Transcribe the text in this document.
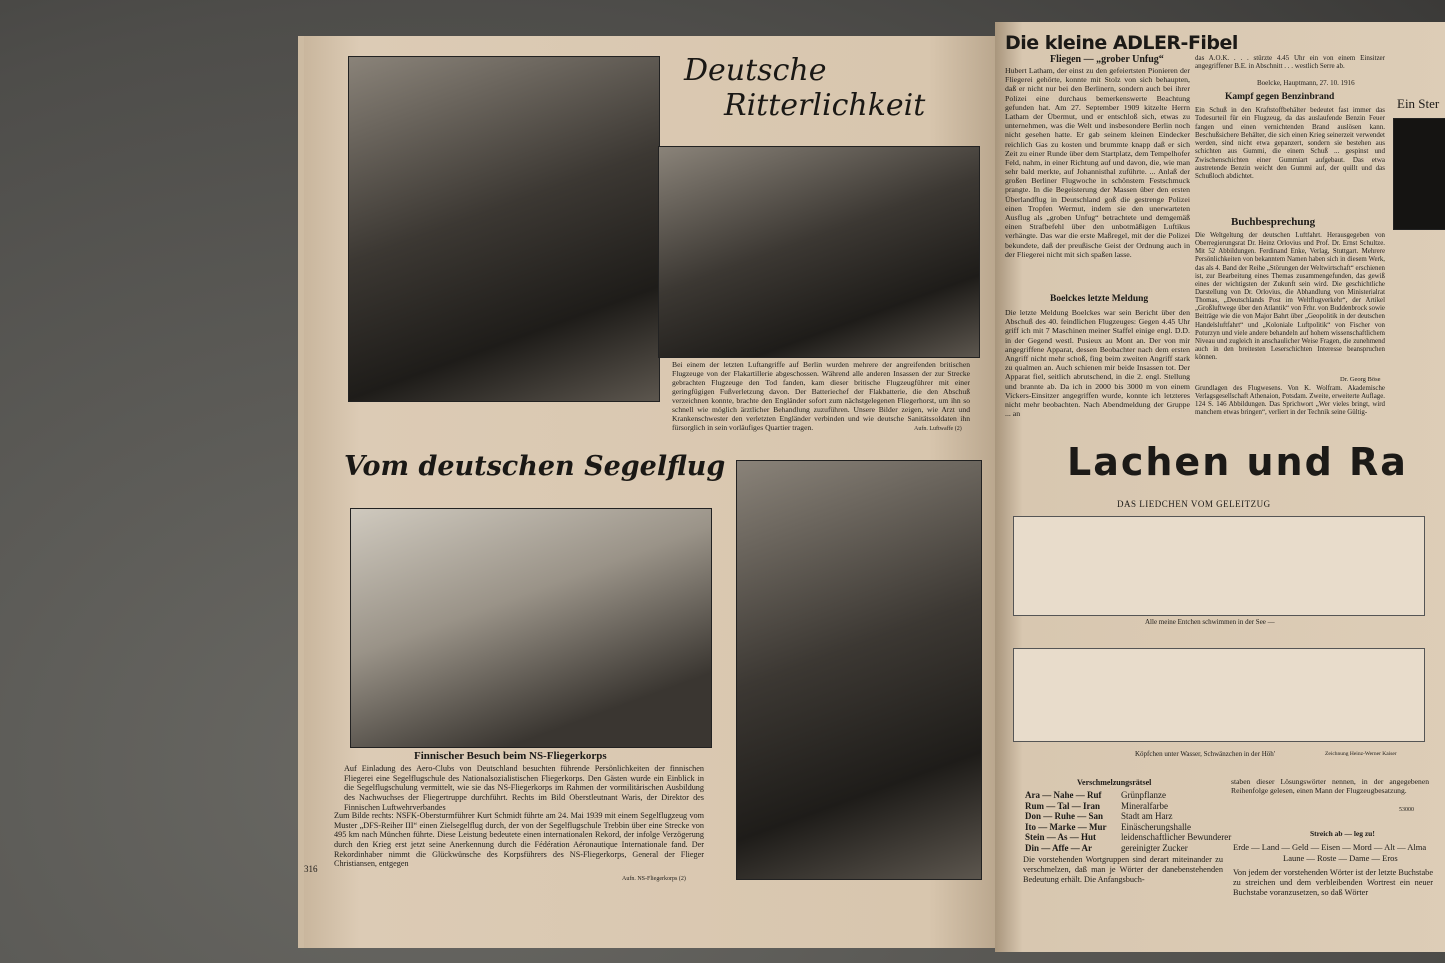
Deutsche
Ritterlichkeit
Bei einem der letzten Luftangriffe auf Berlin wurden mehrere der angreifenden britischen Flugzeuge von der Flakartillerie abgeschossen. Während alle anderen Insassen der zur Strecke gebrachten Flugzeuge den Tod fanden, kam dieser britische Flugzeugführer mit einer geringfügigen Fußverletzung davon. Der Batteriechef der Flakbatterie, die den Abschuß verzeichnen konnte, brachte den Engländer sofort zum nächstgelegenen Fliegerhorst, um ihn so schnell wie möglich ärztlicher Behandlung zuzuführen. Unsere Bilder zeigen, wie Arzt und Krankenschwester den verletzten Engländer verbinden und wie deutsche Sanitätssoldaten ihn fürsorglich in sein vorläufiges Quartier tragen.	Aufn. Luftwaffe (2)
Vom deutschen Segelflug
Finnischer Besuch beim NS-Fliegerkorps
Auf Einladung des Aero-Clubs von Deutschland besuchten führende Persönlichkeiten der finnischen Fliegerei eine Segelflugschule des Nationalsozialistischen Fliegerkorps. Den Gästen wurde ein Einblick in die Segelflugschulung vermittelt, wie sie das NS-Fliegerkorps im Rahmen der vormilitärischen Ausbildung des Nachwuchses der Fliegertruppe durchführt. Rechts im Bild Oberstleutnant Waris, der Direktor des Finnischen Luftwehrverbandes
Zum Bilde rechts: NSFK-Obersturmführer Kurt Schmidt führte am 24. Mai 1939 mit einem Segelflugzeug vom Muster „DFS-Reiher III“ einen Zielsegelflug durch, der von der Segelflugschule Trebbin über eine Strecke von 495 km nach München führte. Diese Leistung bedeutete einen internationalen Rekord, der infolge Verzögerung durch den Krieg erst jetzt seine Anerkennung durch die Fédération Aéronautique Internationale fand. Der Rekordinhaber nimmt die Glückwünsche des Korpsführers des NS-Fliegerkorps, General der Flieger Christiansen, entgegen
Aufn. NS-Fliegerkorps (2)
316
Die kleine ADLER-Fibel
Fliegen — „grober Unfug“
Hubert Latham, der einst zu den gefeiertsten Pionieren der Fliegerei gehörte, konnte mit Stolz von sich behaupten, daß er nicht nur bei den Berlinern, sondern auch bei ihrer Polizei eine durchaus bemerkenswerte Beachtung gefunden hat. Am 27. September 1909 kitzelte Herrn Latham der Übermut, und er entschloß sich, etwas zu unternehmen, was die Welt und insbesondere Berlin noch nicht gesehen hatte. Er gab seinem kleinen Eindecker reichlich Gas zu kosten und brummte knapp daß er sich Zeit zu einer Runde über dem Startplatz, dem Tempelhofer Feld, nahm, in einer Richtung auf und davon, die, wie man sehr bald merkte, auf Johannisthal zuführte. ... Anlaß der großen Berliner Flugwoche in schönstem Festschmuck prangte. In die Begeisterung der Massen über den ersten Überlandflug in Deutschland goß die gestrenge Polizei einen Tropfen Wermut, indem sie den unerwarteten Ausflug als „groben Unfug“ betrachtete und demgemäß einen Strafbefehl über den unbotmäßigen Luftikus verhängte. Das war die erste Maßregel, mit der die Polizei bekundete, daß der preußische Geist der Ordnung auch in der Fliegerei nicht mit sich spaßen lasse.
Boelckes letzte Meldung
Die letzte Meldung Boelckes war sein Bericht über den Abschuß des 40. feindlichen Flugzeuges: Gegen 4.45 Uhr griff ich mit 7 Maschinen meiner Staffel einige engl. D.D. in der Gegend westl. Pusieux au Mont an. Der von mir angegriffene Apparat, dessen Beobachter nach dem ersten Angriff nicht mehr schoß, fing beim zweiten Angriff stark zu qualmen an. Auch schienen mir beide Insassen tot. Der Apparat fiel, seitlich abrutschend, in die 2. engl. Stellung und brannte ab. Da ich in 2000 bis 3000 m von einem Vickers-Einsitzer angegriffen wurde, konnte ich letzteres nicht mehr beobachten. Nach Abendmeldung der Gruppe ... an
das A.O.K. . . . stürzte 4.45 Uhr ein von einem Einsitzer angegriffener B.E. in Abschnitt . . . westlich Serre ab.
Boelcke, Hauptmann, 27. 10. 1916
Kampf gegen Benzinbrand
Ein Schuß in den Kraftstoffbehälter bedeutet fast immer das Todesurteil für ein Flugzeug, da das auslaufende Benzin Feuer fangen und einen vernichtenden Brand auslösen kann. Beschußsichere Behälter, die sich einen Krieg seinerzeit verwendet werden, sind nicht etwa gepanzert, sondern sie bestehen aus schichten aus Gummi, die einem Schuß ... gespinst und Zwischenschichten einer Gummiart aufgebaut. Das etwa austretende Benzin weicht den Gummi auf, der quillt und das Schußloch abdichtet.
Buchbesprechung
Die Weltgeltung der deutschen Luftfahrt. Herausgegeben von Oberregierungsrat Dr. Heinz Orlovius und Prof. Dr. Ernst Schultze. Mit 52 Abbildungen. Ferdinand Enke, Verlag, Stuttgart. Mehrere Persönlichkeiten von bekanntem Namen haben sich in diesem Werk, das als 4. Band der Reihe „Störungen der Weltwirtschaft“ erschienen ist, zur Bearbeitung eines Themas zusammengefunden, das gewiß eines der wichtigsten der Zukunft sein wird. Die geschichtliche Darstellung von Dr. Orlovius, die Abhandlung von Ministerialrat Thomas, „Deutschlands Post im Weltflugverkehr“, der Artikel „Großluftwege über den Atlantik“ von Frhr. von Buddenbrock sowie Beiträge wie die von Major Bahrt über „Geopolitik in der deutschen Handelsluftfahrt“ und „Koloniale Luftpolitik“ von Fischer von Poturzyn und viele andere behandeln auf hohem wissenschaftlichem Niveau und zugleich in anschaulicher Weise Fragen, die zunehmend auch in den breitesten Leserschichten Interesse beanspruchen können.
Dr. Georg Böse
Grundlagen des Flugwesens. Von K. Wolfram. Akademische Verlagsgesellschaft Athenaion, Potsdam. Zweite, erweiterte Auflage. 124 S. 146 Abbildungen. Das Sprichwort „Wer vieles bringt, wird manchem etwas bringen“, verliert in der Technik seine Gültig-
Ein Ster
Lachen und Ra
DAS LIEDCHEN VOM GELEITZUG
Alle meine Entchen schwimmen in der See —
Köpfchen unter Wasser, Schwänzchen in der Höh'	Zeichnung Heinz-Werner Kaiser
Verschmelzungsrätsel
Ara — Nahe — Ruf	Grünpflanze
Rum — Tal — Iran	Mineralfarbe
Don — Ruhe — San	Stadt am Harz
Ito — Marke — Mur	Einäscherungshalle
Stein — As — Hut	leidenschaftlicher Bewunderer
Din — Affe — Ar	gereinigter Zucker
Die vorstehenden Wortgruppen sind derart miteinander zu verschmelzen, daß man je Wörter der danebenstehenden Bedeutung erhält. Die Anfangsbuch-
staben dieser Lösungswörter nennen, in der angegebenen Reihenfolge gelesen, einen Mann der Flugzeugbesatzung.
53000
Streich ab — leg zu!
Erde — Land — Geld — Eisen — Mord — Alt — Alma
Laune — Roste — Dame — Eros
Von jedem der vorstehenden Wörter ist der letzte Buchstabe zu streichen und dem verbleibenden Wortrest ein neuer Buchstabe voranzusetzen, so daß Wörter
